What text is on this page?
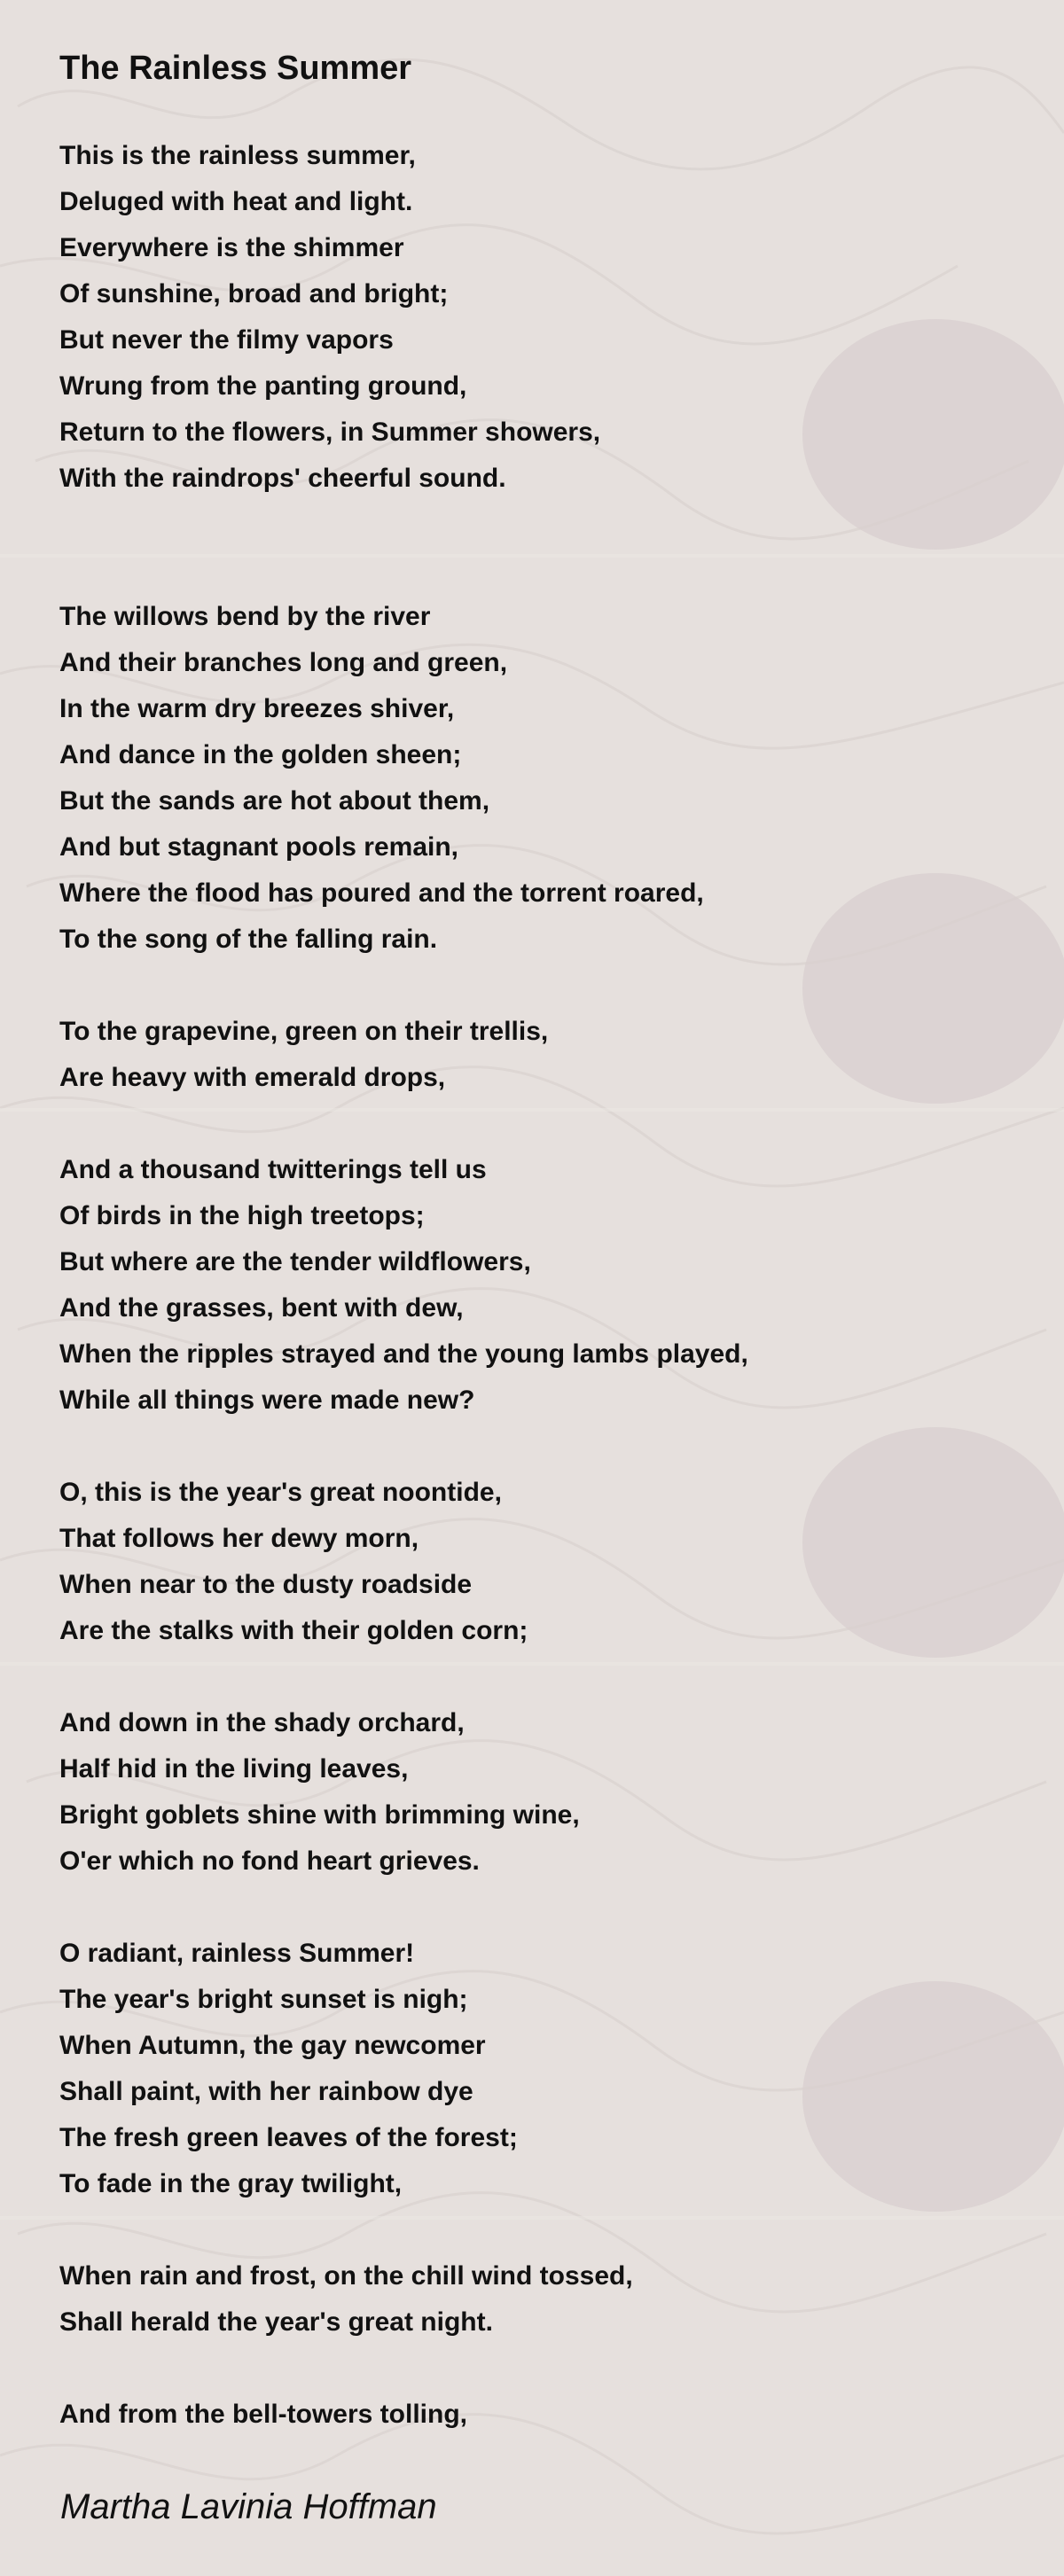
The Rainless Summer
This is the rainless summer,
Deluged with heat and light.
Everywhere is the shimmer
Of sunshine, broad and bright;
But never the filmy vapors
Wrung from the panting ground,
Return to the flowers, in Summer showers,
With the raindrops' cheerful sound.
The willows bend by the river
And their branches long and green,
In the warm dry breezes shiver,
And dance in the golden sheen;
But the sands are hot about them,
And but stagnant pools remain,
Where the flood has poured and the torrent roared,
To the song of the falling rain.
To the grapevine, green on their trellis,
Are heavy with emerald drops,
And a thousand twitterings tell us
Of birds in the high treetops;
But where are the tender wildflowers,
And the grasses, bent with dew,
When the ripples strayed and the young lambs played,
While all things were made new?
O, this is the year's great noontide,
That follows her dewy morn,
When near to the dusty roadside
Are the stalks with their golden corn;
And down in the shady orchard,
Half hid in the living leaves,
Bright goblets shine with brimming wine,
O'er which no fond heart grieves.
O radiant, rainless Summer!
The year's bright sunset is nigh;
When Autumn, the gay newcomer
Shall paint, with her rainbow dye
The fresh green leaves of the forest;
To fade in the gray twilight,
When rain and frost, on the chill wind tossed,
Shall herald the year's great night.
And from the bell-towers tolling,
Martha Lavinia Hoffman
